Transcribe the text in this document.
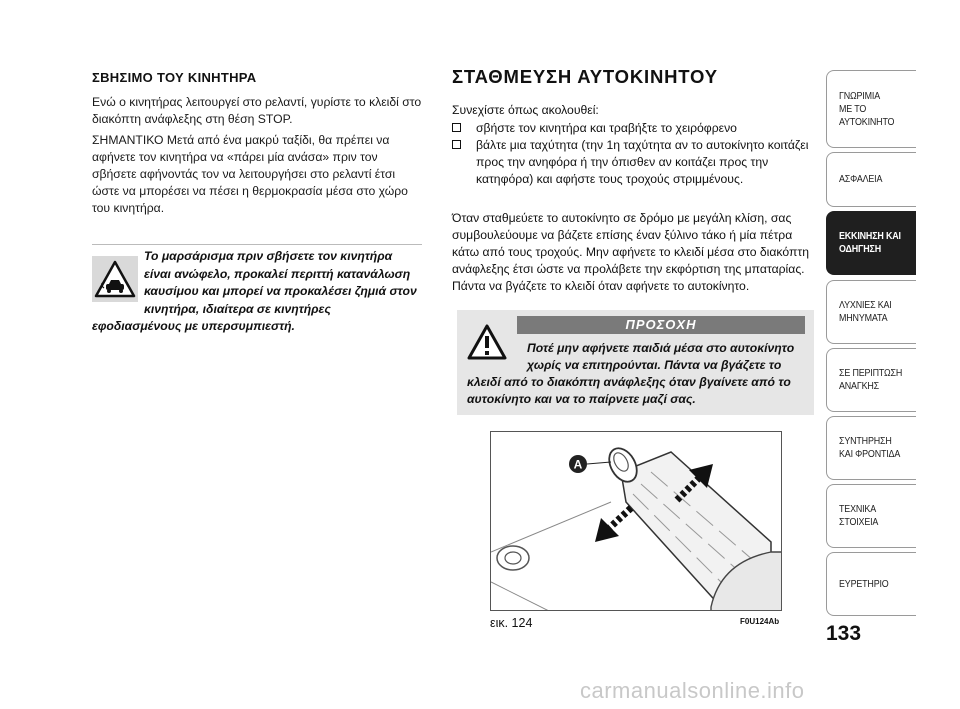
ΣΒΗΣΙΜΟ ΤΟΥ ΚΙΝΗΤΗΡΑ
Ενώ ο κινητήρας λειτουργεί στο ρελαντί, γυρίστε το κλειδί στο διακόπτη ανάφλεξης στη θέση STOP.
ΣΗΜΑΝΤΙΚΟ Μετά από ένα μακρύ ταξίδι, θα πρέπει να αφήνετε τον κινητήρα να «πάρει μία ανάσα» πριν τον σβήσετε αφήνοντάς τον να λειτουργήσει στο ρελαντί έτσι ώστε να μπορέσει να πέσει η θερμοκρασία μέσα στο χώρο του κινητήρα.
Το μαρσάρισμα πριν σβήσετε τον κινητήρα είναι ανώφελο, προκαλεί περιττή κατανάλωση καυσίμου και μπορεί να προκαλέσει ζημιά στον κινητήρα, ιδιαίτερα σε κινητήρες εφοδιασμένους με υπερσυμπιεστή.
ΣΤΑΘΜΕΥΣΗ ΑΥΤΟΚΙΝΗΤΟΥ
Συνεχίστε όπως ακολουθεί:
σβήστε τον κινητήρα και τραβήξτε το χειρόφρενο
βάλτε μια ταχύτητα (την 1η ταχύτητα αν το αυτοκίνητο κοιτάζει προς την ανηφόρα ή την όπισθεν αν κοιτάζει προς την κατηφόρα) και αφήστε τους τροχούς στριμμένους.
Όταν σταθμεύετε το αυτοκίνητο σε δρόμο με μεγάλη κλίση, σας συμβουλεύουμε να βάζετε επίσης έναν ξύλινο τάκο ή μία πέτρα κάτω από τους τροχούς. Μην αφήνετε το κλειδί μέσα στο διακόπτη ανάφλεξης έτσι ώστε να προλάβετε την εκφόρτιση της μπαταρίας. Πάντα να βγάζετε το κλειδί όταν αφήνετε το αυτοκίνητο.
ΠΡΟΣΟΧΗ
Ποτέ μην αφήνετε παιδιά μέσα στο αυτοκίνητο χωρίς να επιτηρούνται. Πάντα να βγάζετε το κλειδί από το διακόπτη ανάφλεξης όταν βγαίνετε από το αυτοκίνητο και να το παίρνετε μαζί σας.
A
εικ. 124	F0U124Ab
ΓΝΩΡΙΜΙΑ
ΜΕ ΤΟ
ΑΥΤΟΚΙΝΗΤΟ
ΑΣΦΑΛΕΙΑ
ΕΚΚΙΝΗΣΗ ΚΑΙ
ΟΔΗΓΗΣΗ
ΛΥΧΝΙΕΣ ΚΑΙ
ΜΗΝΥΜΑΤΑ
ΣΕ ΠΕΡΙΠΤΩΣΗ
ΑΝΑΓΚΗΣ
ΣΥΝΤΗΡΗΣΗ
ΚΑΙ ΦΡΟΝΤΙΔΑ
ΤΕΧΝΙΚΑ
ΣΤΟΙΧΕΙΑ
ΕΥΡΕΤΗΡΙΟ
133
carmanualsonline.info
